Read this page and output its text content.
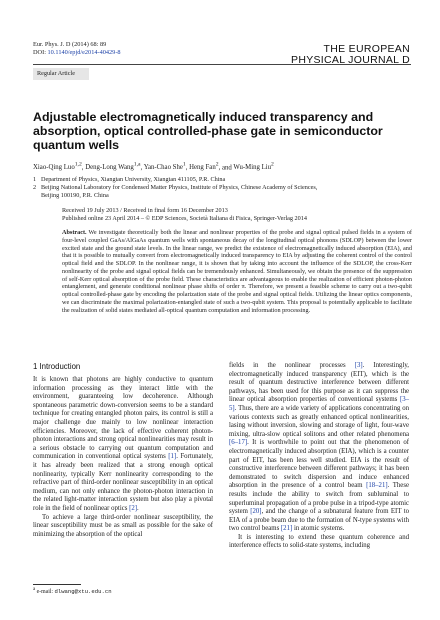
Eur. Phys. J. D (2014) 68: 89
DOI: 10.1140/epjd/e2014-40429-8	THE EUROPEAN
PHYSICAL JOURNAL D
Regular Article
Adjustable electromagnetically induced transparency and absorption, optical controlled-phase gate in semiconductor quantum wells
Xiao-Qing Luo$^{1,2}$, Deng-Long Wang$^{1,a}$, Yan-Chao She$^1$, Heng Fan$^2$, and Wu-Ming Liu$^2$
1 Department of Physics, Xiangtan University, Xiangtan 411105, P.R. China
2 Beijing National Laboratory for Condensed Matter Physics, Institute of Physics, Chinese Academy of Sciences,
Beijing 100190, P.R. China
Received 19 July 2013 / Received in final form 16 December 2013
Published online 23 April 2014 – © EDP Sciences, Società Italiana di Fisica, Springer-Verlag 2014
Abstract. We investigate theoretically both the linear and nonlinear properties of the probe and signal optical pulsed fields in a system of four-level coupled GaAs/AlGaAs quantum wells with spontaneous decay of the longitudinal optical phonons (SDLOP) between the lower excited state and the ground state levels. In the linear range, we predict the existence of electromagnetically induced absorption (EIA), and that it is possible to mutually convert from electromagnetically induced transparency to EIA by adjusting the coherent control of the control optical field and the SDLOP. In the nonlinear range, it is shown that by taking into account the influence of the SDLOP, the cross-Kerr nonlinearity of the probe and signal optical fields can be tremendously enhanced. Simultaneously, we obtain the presence of the suppression of self-Kerr optical absorption of the probe field. These characteristics are advantageous to enable the realization of efficient photon-photon entanglement, and generate conditional nonlinear phase shifts of order π. Therefore, we present a feasible scheme to carry out a two-qubit optical controlled-phase gate by encoding the polarization state of the probe and signal optical fields. Utilizing the linear optics components, we can discriminate the maximal polarization-entangled state of such a two-qubit system. This proposal is potentially applicable to facilitate the realization of solid states mediated all-optical quantum computation and information processing.
1 Introduction

It is known that photons are highly conductive to quantum information processing as they interact little with the environment, guaranteeing low decoherence. Although spontaneous parametric down-conversion seems to be a standard technique for creating entangled photon pairs, its control is still a major challenge due mainly to low nonlinear interaction efficiencies. Moreover, the lack of effective coherent photon-photon interactions and strong optical nonlinearities may result in a serious obstacle to carrying out quantum computation and communication in conventional optical systems [1]. Fortunately, it has already been realized that a strong enough optical nonlinearity, typically Kerr nonlinearity corresponding to the refractive part of third-order nonlinear susceptibility in an optical medium, can not only enhance the photon-photon interaction in the related light-matter interaction system but also play a pivotal role in the field of nonlinear optics [2].

To achieve a large third-order nonlinear susceptibility, the linear susceptibility must be as small as possible for the sake of minimizing the absorption of the optical

fields in the nonlinear processes [3]. Interestingly, electromagnetically induced transparency (EIT), which is the result of quantum destructive interference between different pathways, has been used for this purpose as it can suppress the linear optical absorption properties of conventional systems [3–5]. Thus, there are a wide variety of applications concentrating on various contexts such as greatly enhanced optical nonlinearities, lasing without inversion, slowing and storage of light, four-wave mixing, ultra-slow optical solitons and other related phenomena [6–17]. It is worthwhile to point out that the phenomenon of electromagnetically induced absorption (EIA), which is a counter part of EIT, has been less well studied. EIA is the result of constructive interference between different pathways; it has been demonstrated to switch dispersion and induce enhanced absorption in the presence of a control beam [18–21]. These results include the ability to switch from subluminal to superluminal propagation of a probe pulse in a tripod-type atomic system [20], and the change of a subnatural feature from EIT to EIA of a probe beam due to the formation of N-type systems with two control beams [21] in atomic systems.

It is interesting to extend these quantum coherence and interference effects to solid-state systems, including

$^a$ e-mail: dlwang@xtu.edu.cn
